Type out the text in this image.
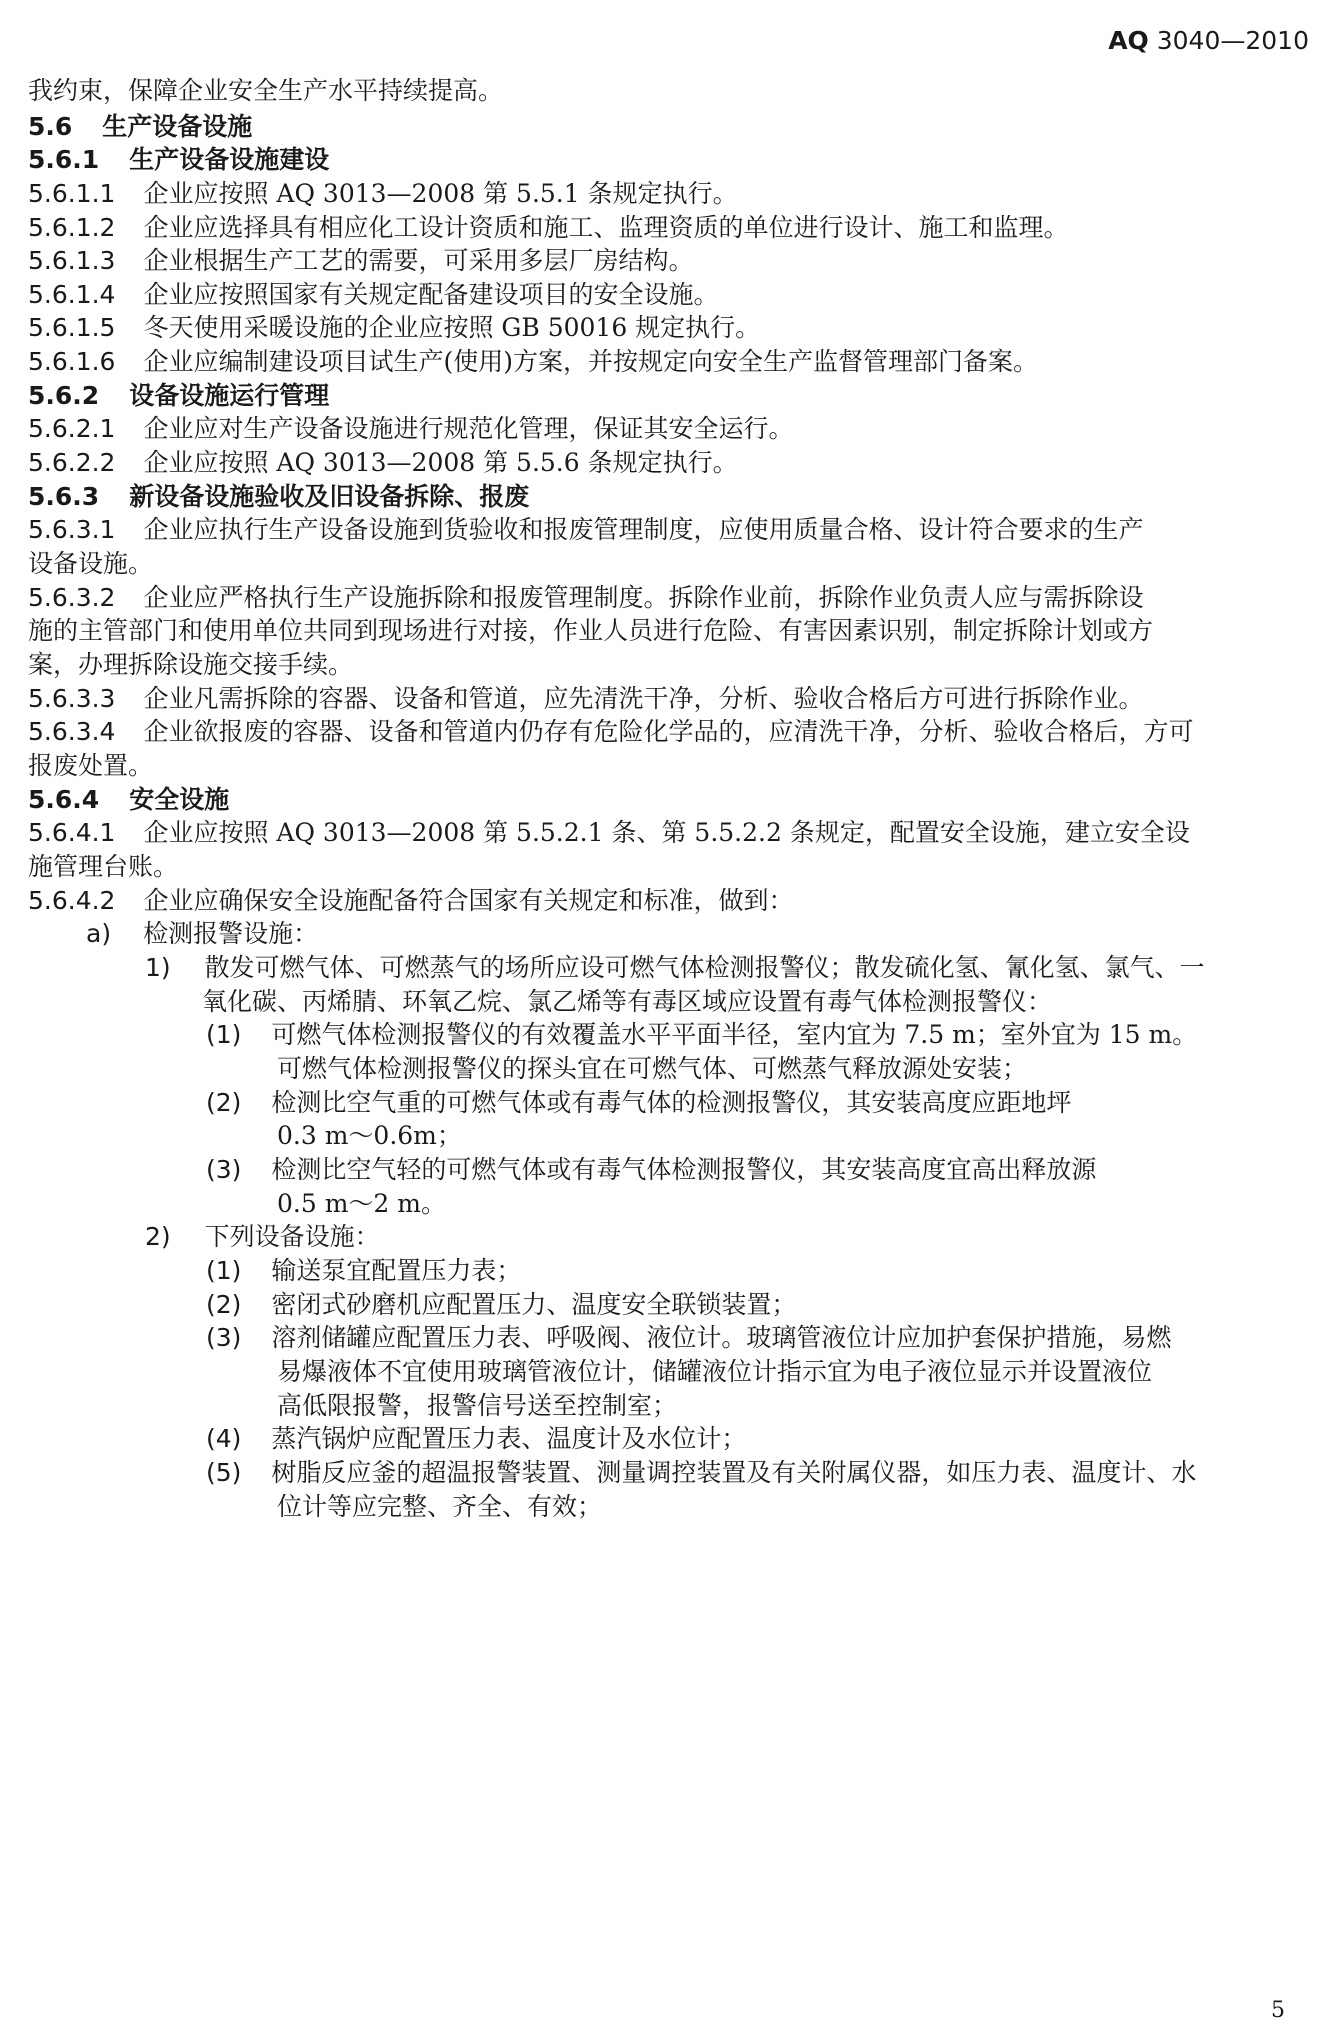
AQ 3040—2010
我约束，保障企业安全生产水平持续提高。
5.6 生产设备设施
5.6.1 生产设备设施建设
5.6.1.1 企业应按照 AQ 3013—2008 第 5.5.1 条规定执行。
5.6.1.2 企业应选择具有相应化工设计资质和施工、监理资质的单位进行设计、施工和监理。
5.6.1.3 企业根据生产工艺的需要，可采用多层厂房结构。
5.6.1.4 企业应按照国家有关规定配备建设项目的安全设施。
5.6.1.5 冬天使用采暖设施的企业应按照 GB 50016 规定执行。
5.6.1.6 企业应编制建设项目试生产(使用)方案，并按规定向安全生产监督管理部门备案。
5.6.2 设备设施运行管理
5.6.2.1 企业应对生产设备设施进行规范化管理，保证其安全运行。
5.6.2.2 企业应按照 AQ 3013—2008 第 5.5.6 条规定执行。
5.6.3 新设备设施验收及旧设备拆除、报废
5.6.3.1 企业应执行生产设备设施到货验收和报废管理制度，应使用质量合格、设计符合要求的生产
设备设施。
5.6.3.2 企业应严格执行生产设施拆除和报废管理制度。拆除作业前，拆除作业负责人应与需拆除设
施的主管部门和使用单位共同到现场进行对接，作业人员进行危险、有害因素识别，制定拆除计划或方
案，办理拆除设施交接手续。
5.6.3.3 企业凡需拆除的容器、设备和管道，应先清洗干净，分析、验收合格后方可进行拆除作业。
5.6.3.4 企业欲报废的容器、设备和管道内仍存有危险化学品的，应清洗干净，分析、验收合格后，方可
报废处置。
5.6.4 安全设施
5.6.4.1 企业应按照 AQ 3013—2008 第 5.5.2.1 条、第 5.5.2.2 条规定，配置安全设施，建立安全设
施管理台账。
5.6.4.2 企业应确保安全设施配备符合国家有关规定和标准，做到：
a) 检测报警设施：
1) 散发可燃气体、可燃蒸气的场所应设可燃气体检测报警仪；散发硫化氢、氰化氢、氯气、一
氧化碳、丙烯腈、环氧乙烷、氯乙烯等有毒区域应设置有毒气体检测报警仪：
(1) 可燃气体检测报警仪的有效覆盖水平平面半径，室内宜为 7.5 m；室外宜为 15 m。
可燃气体检测报警仪的探头宜在可燃气体、可燃蒸气释放源处安装；
(2) 检测比空气重的可燃气体或有毒气体的检测报警仪，其安装高度应距地坪
0.3 m～0.6m；
(3) 检测比空气轻的可燃气体或有毒气体检测报警仪，其安装高度宜高出释放源
0.5 m～2 m。
2) 下列设备设施：
(1) 输送泵宜配置压力表；
(2) 密闭式砂磨机应配置压力、温度安全联锁装置；
(3) 溶剂储罐应配置压力表、呼吸阀、液位计。玻璃管液位计应加护套保护措施，易燃
易爆液体不宜使用玻璃管液位计，储罐液位计指示宜为电子液位显示并设置液位
高低限报警，报警信号送至控制室；
(4) 蒸汽锅炉应配置压力表、温度计及水位计；
(5) 树脂反应釜的超温报警装置、测量调控装置及有关附属仪器，如压力表、温度计、水
位计等应完整、齐全、有效；
5
